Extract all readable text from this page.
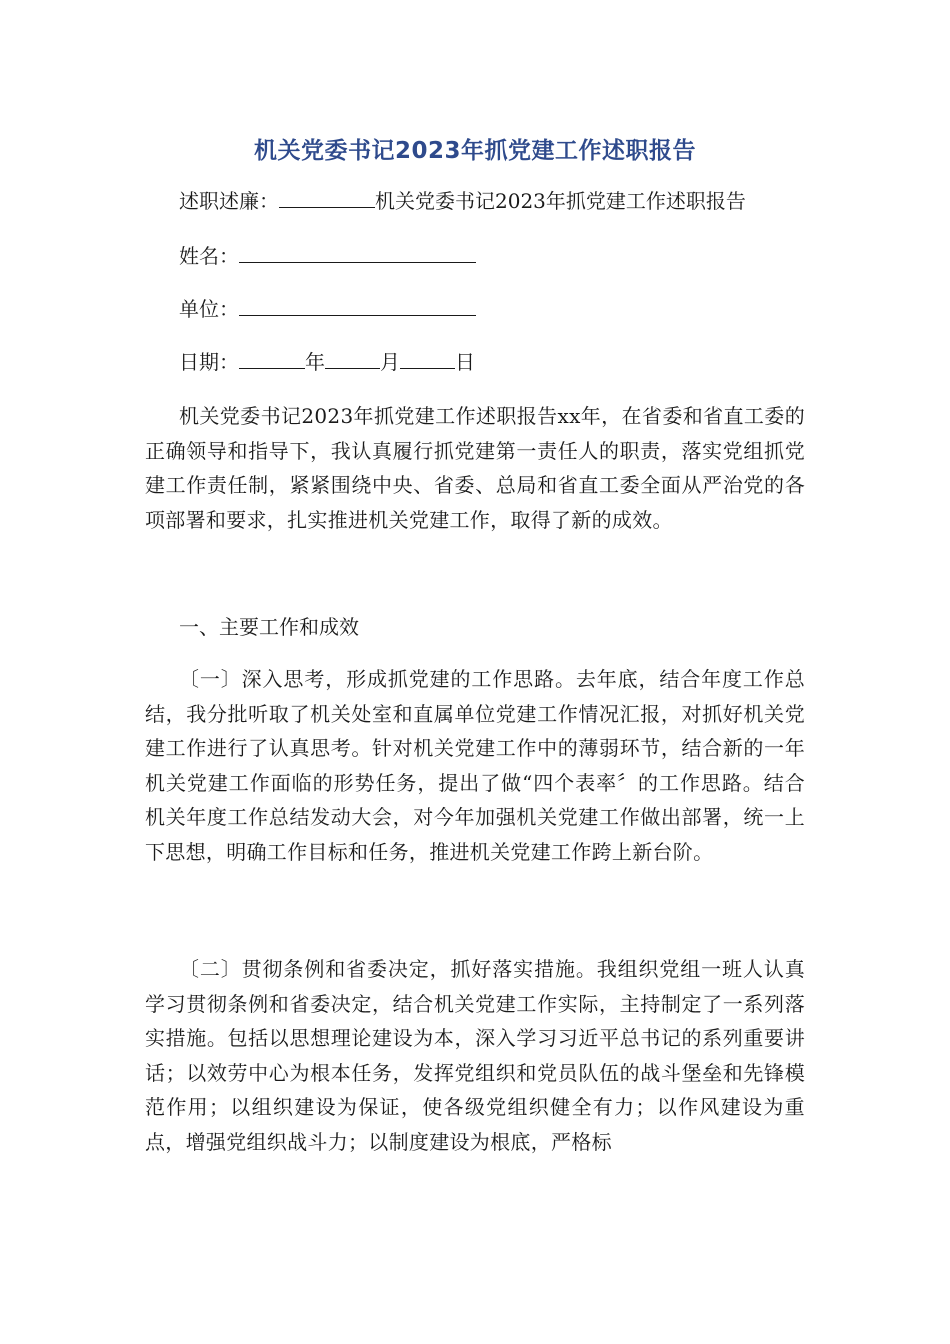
机关党委书记2023年抓党建工作述职报告
述职述廉：	机关党委书记2023年抓党建工作述职报告
姓名：
单位：
日期：	年	月	日
机关党委书记2023年抓党建工作述职报告xx年，在省委和省直工委的正确领导和指导下，我认真履行抓党建第一责任人的职责，落实党组抓党建工作责任制，紧紧围绕中央、省委、总局和省直工委全面从严治党的各项部署和要求，扎实推进机关党建工作，取得了新的成效。
一、主要工作和成效
〔一〕深入思考，形成抓党建的工作思路。去年底，结合年度工作总结，我分批听取了机关处室和直属单位党建工作情况汇报，对抓好机关党建工作进行了认真思考。针对机关党建工作中的薄弱环节，结合新的一年机关党建工作面临的形势任务，提出了做“四个表率〞的工作思路。结合机关年度工作总结发动大会，对今年加强机关党建工作做出部署，统一上下思想，明确工作目标和任务，推进机关党建工作跨上新台阶。
〔二〕贯彻条例和省委决定，抓好落实措施。我组织党组一班人认真学习贯彻条例和省委决定，结合机关党建工作实际，主持制定了一系列落实措施。包括以思想理论建设为本，深入学习习近平总书记的系列重要讲话；以效劳中心为根本任务，发挥党组织和党员队伍的战斗堡垒和先锋模范作用；以组织建设为保证，使各级党组织健全有力；以作风建设为重点，增强党组织战斗力；以制度建设为根底，严格标
